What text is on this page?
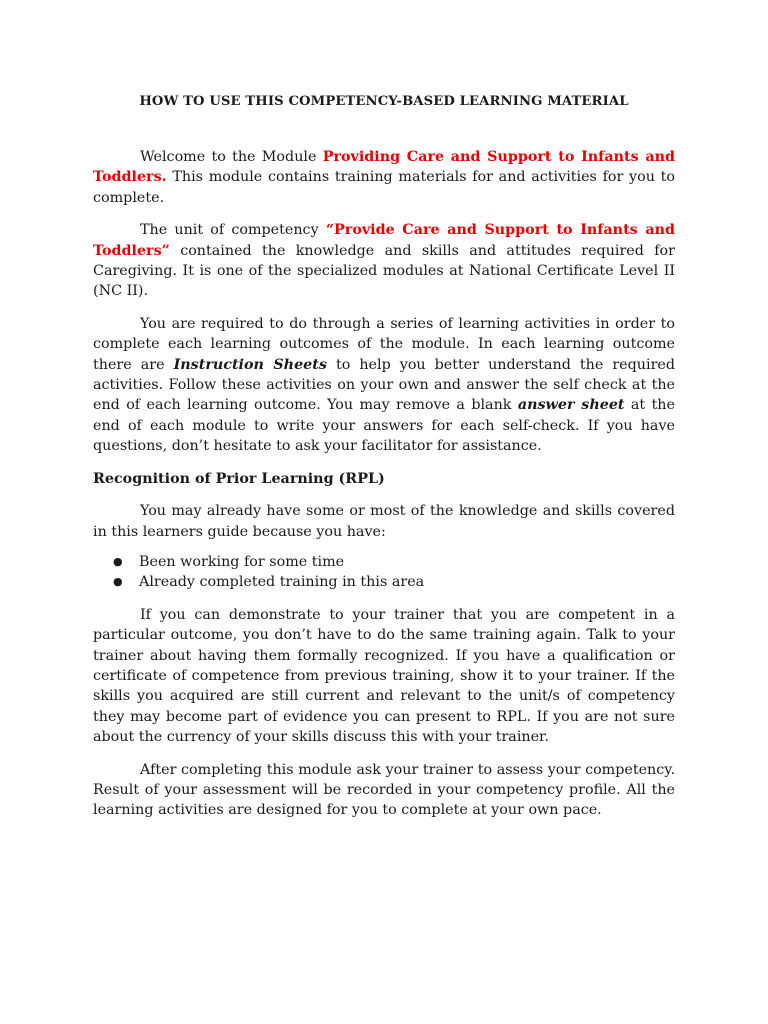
HOW TO USE THIS COMPETENCY-BASED LEARNING MATERIAL

Welcome to the Module Providing Care and Support to Infants and Toddlers. This module contains training materials for and activities for you to complete.

The unit of competency “Provide Care and Support to Infants and Toddlers” contained the knowledge and skills and attitudes required for Caregiving. It is one of the specialized modules at National Certificate Level II (NC II).

You are required to do through a series of learning activities in order to complete each learning outcomes of the module. In each learning outcome there are Instruction Sheets to help you better understand the required activities. Follow these activities on your own and answer the self check at the end of each learning outcome. You may remove a blank answer sheet at the end of each module to write your answers for each self-check. If you have questions, don’t hesitate to ask your facilitator for assistance.

Recognition of Prior Learning (RPL)

You may already have some or most of the knowledge and skills covered in this learners guide because you have:

● Been working for some time
● Already completed training in this area

If you can demonstrate to your trainer that you are competent in a particular outcome, you don’t have to do the same training again. Talk to your trainer about having them formally recognized. If you have a qualification or certificate of competence from previous training, show it to your trainer. If the skills you acquired are still current and relevant to the unit/s of competency they may become part of evidence you can present to RPL. If you are not sure about the currency of your skills discuss this with your trainer.

After completing this module ask your trainer to assess your competency. Result of your assessment will be recorded in your competency profile. All the learning activities are designed for you to complete at your own pace.
